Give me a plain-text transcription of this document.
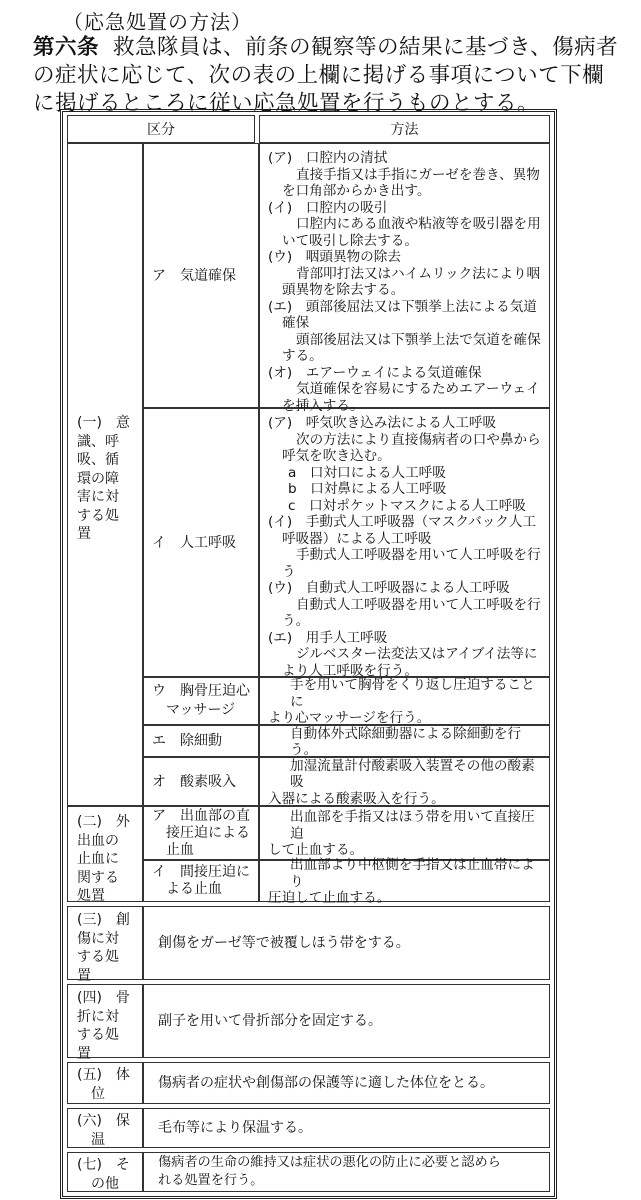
（応急処置の方法）
第六条 救急隊員は、前条の観察等の結果に基づき、傷病者の症状に応じて、次の表の上欄に掲げる事項について下欄に掲げるところに従い応急処置を行うものとする。
区分	方法
(一)　意
識、呼
吸、循
環の障
害に対
する処
置
ア　気道確保
(ア)　口腔内の清拭
直接手指又は手指にガーゼを巻き、異物
を口角部からかき出す。
(イ)　口腔内の吸引
口腔内にある血液や粘液等を吸引器を用
いて吸引し除去する。
(ウ)　咽頭異物の除去
背部叩打法又はハイムリック法により咽
頭異物を除去する。
(エ)　頭部後屈法又は下顎挙上法による気道
確保
頭部後屈法又は下顎挙上法で気道を確保
する。
(オ)　エアーウェイによる気道確保
気道確保を容易にするためエアーウェイ
を挿入する。
イ　人工呼吸
(ア)　呼気吹き込み法による人工呼吸
次の方法により直接傷病者の口や鼻から
呼気を吹き込む。
a　口対口による人工呼吸
b　口対鼻による人工呼吸
c　口対ポケットマスクによる人工呼吸
(イ)　手動式人工呼吸器（マスクバック人工
呼吸器）による人工呼吸
手動式人工呼吸器を用いて人工呼吸を行
う
(ウ)　自動式人工呼吸器による人工呼吸
自動式人工呼吸器を用いて人工呼吸を行
う。
(エ)　用手人工呼吸
ジルベスター法変法又はアイブイ法等に
より人工呼吸を行う。
ウ　胸骨圧迫心
マッサージ
手を用いて胸骨をくり返し圧迫することに
より心マッサージを行う。
エ　除細動	自動体外式除細動器による除細動を行う。
オ　酸素吸入
加湿流量計付酸素吸入装置その他の酸素吸
入器による酸素吸入を行う。
(二)　外
出血の
止血に
関する
処置
ア　出血部の直
接圧迫による
止血
出血部を手指又はほう帯を用いて直接圧迫
して止血する。
イ　間接圧迫に
よる止血
出血部より中枢側を手指又は止血帯により
圧迫して止血する。
(三)　創
傷に対
する処
置
創傷をガーゼ等で被覆しほう帯をする。
(四)　骨
折に対
する処
置
副子を用いて骨折部分を固定する。
(五)　体
位
傷病者の症状や創傷部の保護等に適した体位をとる。
(六)　保
温
毛布等により保温する。
(七)　そ
の他
傷病者の生命の維持又は症状の悪化の防止に必要と認めら
れる処置を行う。
